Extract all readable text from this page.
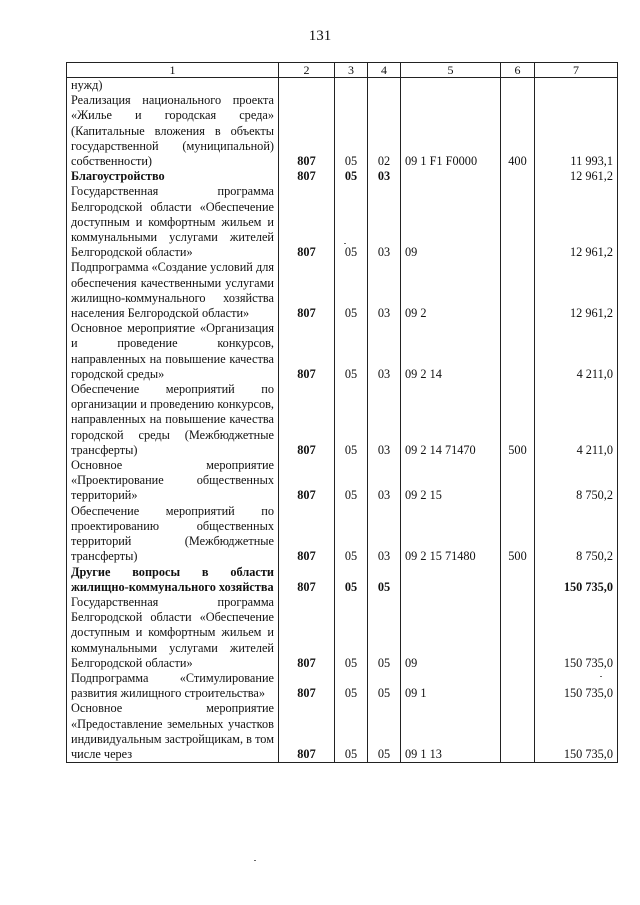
131
1	2	3	4	5	6	7
нужд)						
Реализация национального проекта «Жилье и городская среда» (Капитальные вложения в объекты государственной (муниципальной) собственности)	807	05	02	09 1 F1 F0000	400	11 993,1
Благоустройство	807	05	03			12 961,2
Государственная программа Белгородской области «Обеспечение доступным и комфортным жильем и коммунальными услугами жителей Белгородской области»	807	05	03	09		12 961,2
Подпрограмма «Создание условий для обеспечения качественными услугами жилищно-коммунального хозяйства населения Белгородской области»	807	05	03	09 2		12 961,2
Основное мероприятие «Организация и проведение конкурсов, направленных на повышение качества городской среды»	807	05	03	09 2 14		4 211,0
Обеспечение мероприятий по организации и проведению конкурсов, направленных на повышение качества городской среды (Межбюджетные трансферты)	807	05	03	09 2 14 71470	500	4 211,0
Основное мероприятие «Проектирование общественных территорий»	807	05	03	09 2 15		8 750,2
Обеспечение мероприятий по проектированию общественных территорий (Межбюджетные трансферты)	807	05	03	09 2 15 71480	500	8 750,2
Другие вопросы в области жилищно-коммунального хозяйства	807	05	05			150 735,0
Государственная программа Белгородской области «Обеспечение доступным и комфортным жильем и коммунальными услугами жителей Белгородской области»	807	05	05	09		150 735,0
Подпрограмма «Стимулирование развития жилищного строительства»	807	05	05	09 1		150 735,0
Основное мероприятие «Предоставление земельных участков индивидуальным застройщикам, в том числе через	807	05	05	09 1 13		150 735,0
